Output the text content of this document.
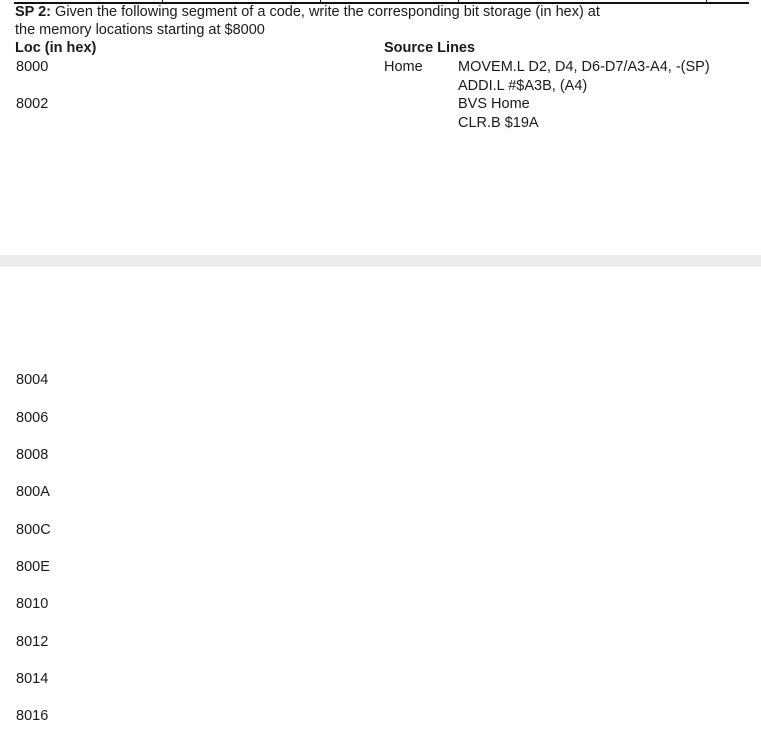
SP 2: Given the following segment of a code, write the corresponding bit storage (in hex) at
the memory locations starting at $8000
Loc (in hex)	Source Lines
Home MOVEM.L D2, D4, D6-D7/A3-A4, -(SP)
ADDI.L #$A3B, (A4)
BVS Home
CLR.B $19A
8000
8002
8004
8006
8008
800A
800C
800E
8010
8012
8014
8016
